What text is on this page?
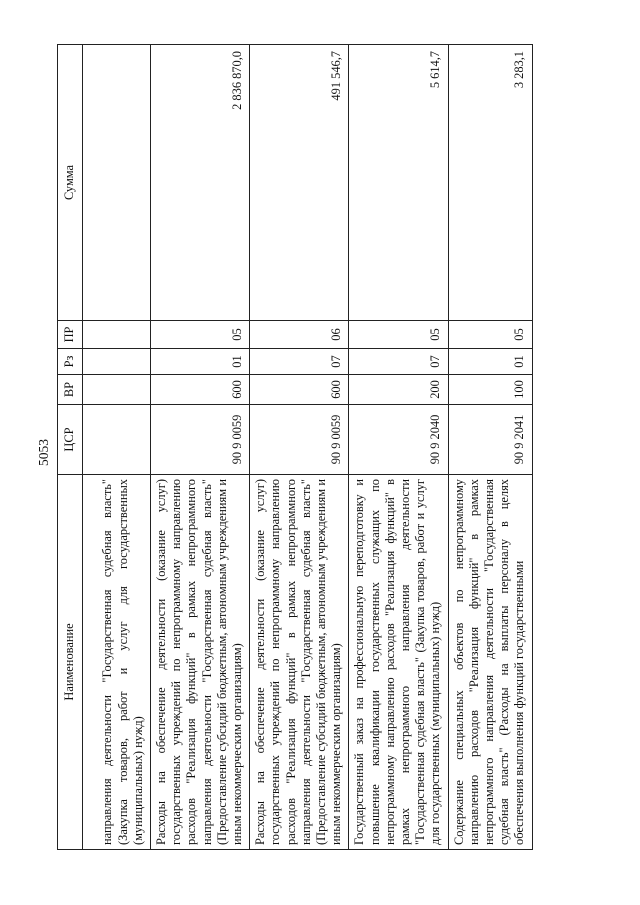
5053
Наименование	ЦСР	ВР	Рз	ПР	Сумма
направления деятельности "Государственная судебная власть" (Закупка товаров, работ и услуг для государственных (муниципальных) нужд)					
Расходы на обеспечение деятельности (оказание услуг) государственных учреждений по непрограммному направлению расходов "Реализация функций" в рамках непрограммного направления деятельности "Государственная судебная власть" (Предоставление субсидий бюджетным, автономным учреждениям и иным некоммерческим организациям)	90 9 0059	600	01	05	2 836 870,0
Расходы на обеспечение деятельности (оказание услуг) государственных учреждений по непрограммному направлению расходов "Реализация функций" в рамках непрограммного направления деятельности "Государственная судебная власть" (Предоставление субсидий бюджетным, автономным учреждениям и иным некоммерческим организациям)	90 9 0059	600	07	06	491 546,7
Государственный заказ на профессиональную переподготовку и повышение квалификации государственных служащих по непрограммному направлению расходов "Реализация функций" в рамках непрограммного направления деятельности "Государственная судебная власть" (Закупка товаров, работ и услуг для государственных (муниципальных) нужд)	90 9 2040	200	07	05	5 614,7
Содержание специальных объектов по непрограммному направлению расходов "Реализация функций" в рамках непрограммного направления деятельности "Государственная судебная власть" (Расходы на выплаты персоналу в целях обеспечения выполнения функций государственными	90 9 2041	100	01	05	3 283,1
